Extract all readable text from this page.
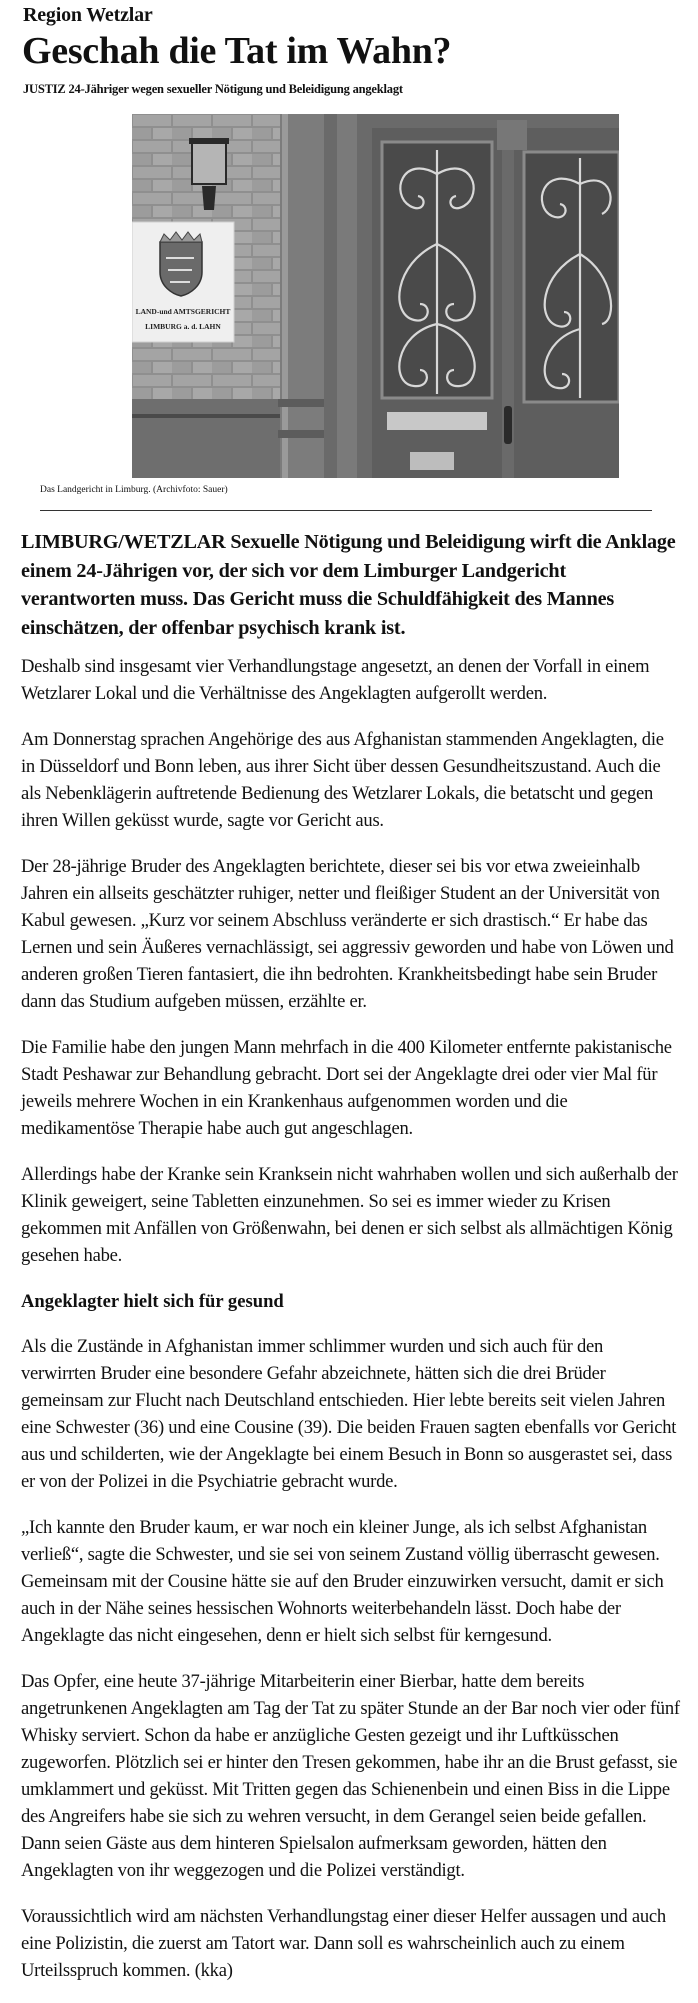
Region Wetzlar
Geschah die Tat im Wahn?
JUSTIZ 24-Jähriger wegen sexueller Nötigung und Beleidigung angeklagt
LAND-und AMTSGERICHT
LIMBURG a. d. LAHN
Das Landgericht in Limburg. (Archivfoto: Sauer)

LIMBURG/WETZLAR Sexuelle Nötigung und Beleidigung wirft die Anklage einem 24-Jährigen vor, der sich vor dem Limburger Landgericht verantworten muss. Das Gericht muss die Schuldfähigkeit des Mannes einschätzen, der offenbar psychisch krank ist.

Deshalb sind insgesamt vier Verhandlungstage angesetzt, an denen der Vorfall in einem Wetzlarer Lokal und die Verhältnisse des Angeklagten aufgerollt werden.

Am Donnerstag sprachen Angehörige des aus Afghanistan stammenden Angeklagten, die in Düsseldorf und Bonn leben, aus ihrer Sicht über dessen Gesundheitszustand. Auch die als Nebenklägerin auftretende Bedienung des Wetzlarer Lokals, die betatscht und gegen ihren Willen geküsst wurde, sagte vor Gericht aus.

Der 28-jährige Bruder des Angeklagten berichtete, dieser sei bis vor etwa zweieinhalb Jahren ein allseits geschätzter ruhiger, netter und fleißiger Student an der Universität von Kabul gewesen. „Kurz vor seinem Abschluss veränderte er sich drastisch.“ Er habe das Lernen und sein Äußeres vernachlässigt, sei aggressiv geworden und habe von Löwen und anderen großen Tieren fantasiert, die ihn bedrohten. Krankheitsbedingt habe sein Bruder dann das Studium aufgeben müssen, erzählte er.

Die Familie habe den jungen Mann mehrfach in die 400 Kilometer entfernte pakistanische Stadt Peshawar zur Behandlung gebracht. Dort sei der Angeklagte drei oder vier Mal für jeweils mehrere Wochen in ein Krankenhaus aufgenommen worden und die medikamentöse Therapie habe auch gut angeschlagen.

Allerdings habe der Kranke sein Kranksein nicht wahrhaben wollen und sich außerhalb der Klinik geweigert, seine Tabletten einzunehmen. So sei es immer wieder zu Krisen gekommen mit Anfällen von Größenwahn, bei denen er sich selbst als allmächtigen König gesehen habe.

Angeklagter hielt sich für gesund

Als die Zustände in Afghanistan immer schlimmer wurden und sich auch für den verwirrten Bruder eine besondere Gefahr abzeichnete, hätten sich die drei Brüder gemeinsam zur Flucht nach Deutschland entschieden. Hier lebte bereits seit vielen Jahren eine Schwester (36) und eine Cousine (39). Die beiden Frauen sagten ebenfalls vor Gericht aus und schilderten, wie der Angeklagte bei einem Besuch in Bonn so ausgerastet sei, dass er von der Polizei in die Psychiatrie gebracht wurde.

„Ich kannte den Bruder kaum, er war noch ein kleiner Junge, als ich selbst Afghanistan verließ“, sagte die Schwester, und sie sei von seinem Zustand völlig überrascht gewesen. Gemeinsam mit der Cousine hätte sie auf den Bruder einzuwirken versucht, damit er sich auch in der Nähe seines hessischen Wohnorts weiterbehandeln lässt. Doch habe der Angeklagte das nicht eingesehen, denn er hielt sich selbst für kerngesund.

Das Opfer, eine heute 37-jährige Mitarbeiterin einer Bierbar, hatte dem bereits angetrunkenen Angeklagten am Tag der Tat zu später Stunde an der Bar noch vier oder fünf Whisky serviert. Schon da habe er anzügliche Gesten gezeigt und ihr Luftküsschen zugeworfen. Plötzlich sei er hinter den Tresen gekommen, habe ihr an die Brust gefasst, sie umklammert und geküsst. Mit Tritten gegen das Schienenbein und einen Biss in die Lippe des Angreifers habe sie sich zu wehren versucht, in dem Gerangel seien beide gefallen. Dann seien Gäste aus dem hinteren Spielsalon aufmerksam geworden, hätten den Angeklagten von ihr weggezogen und die Polizei verständigt.

Voraussichtlich wird am nächsten Verhandlungstag einer dieser Helfer aussagen und auch eine Polizistin, die zuerst am Tatort war. Dann soll es wahrscheinlich auch zu einem Urteilsspruch kommen. (kka)
